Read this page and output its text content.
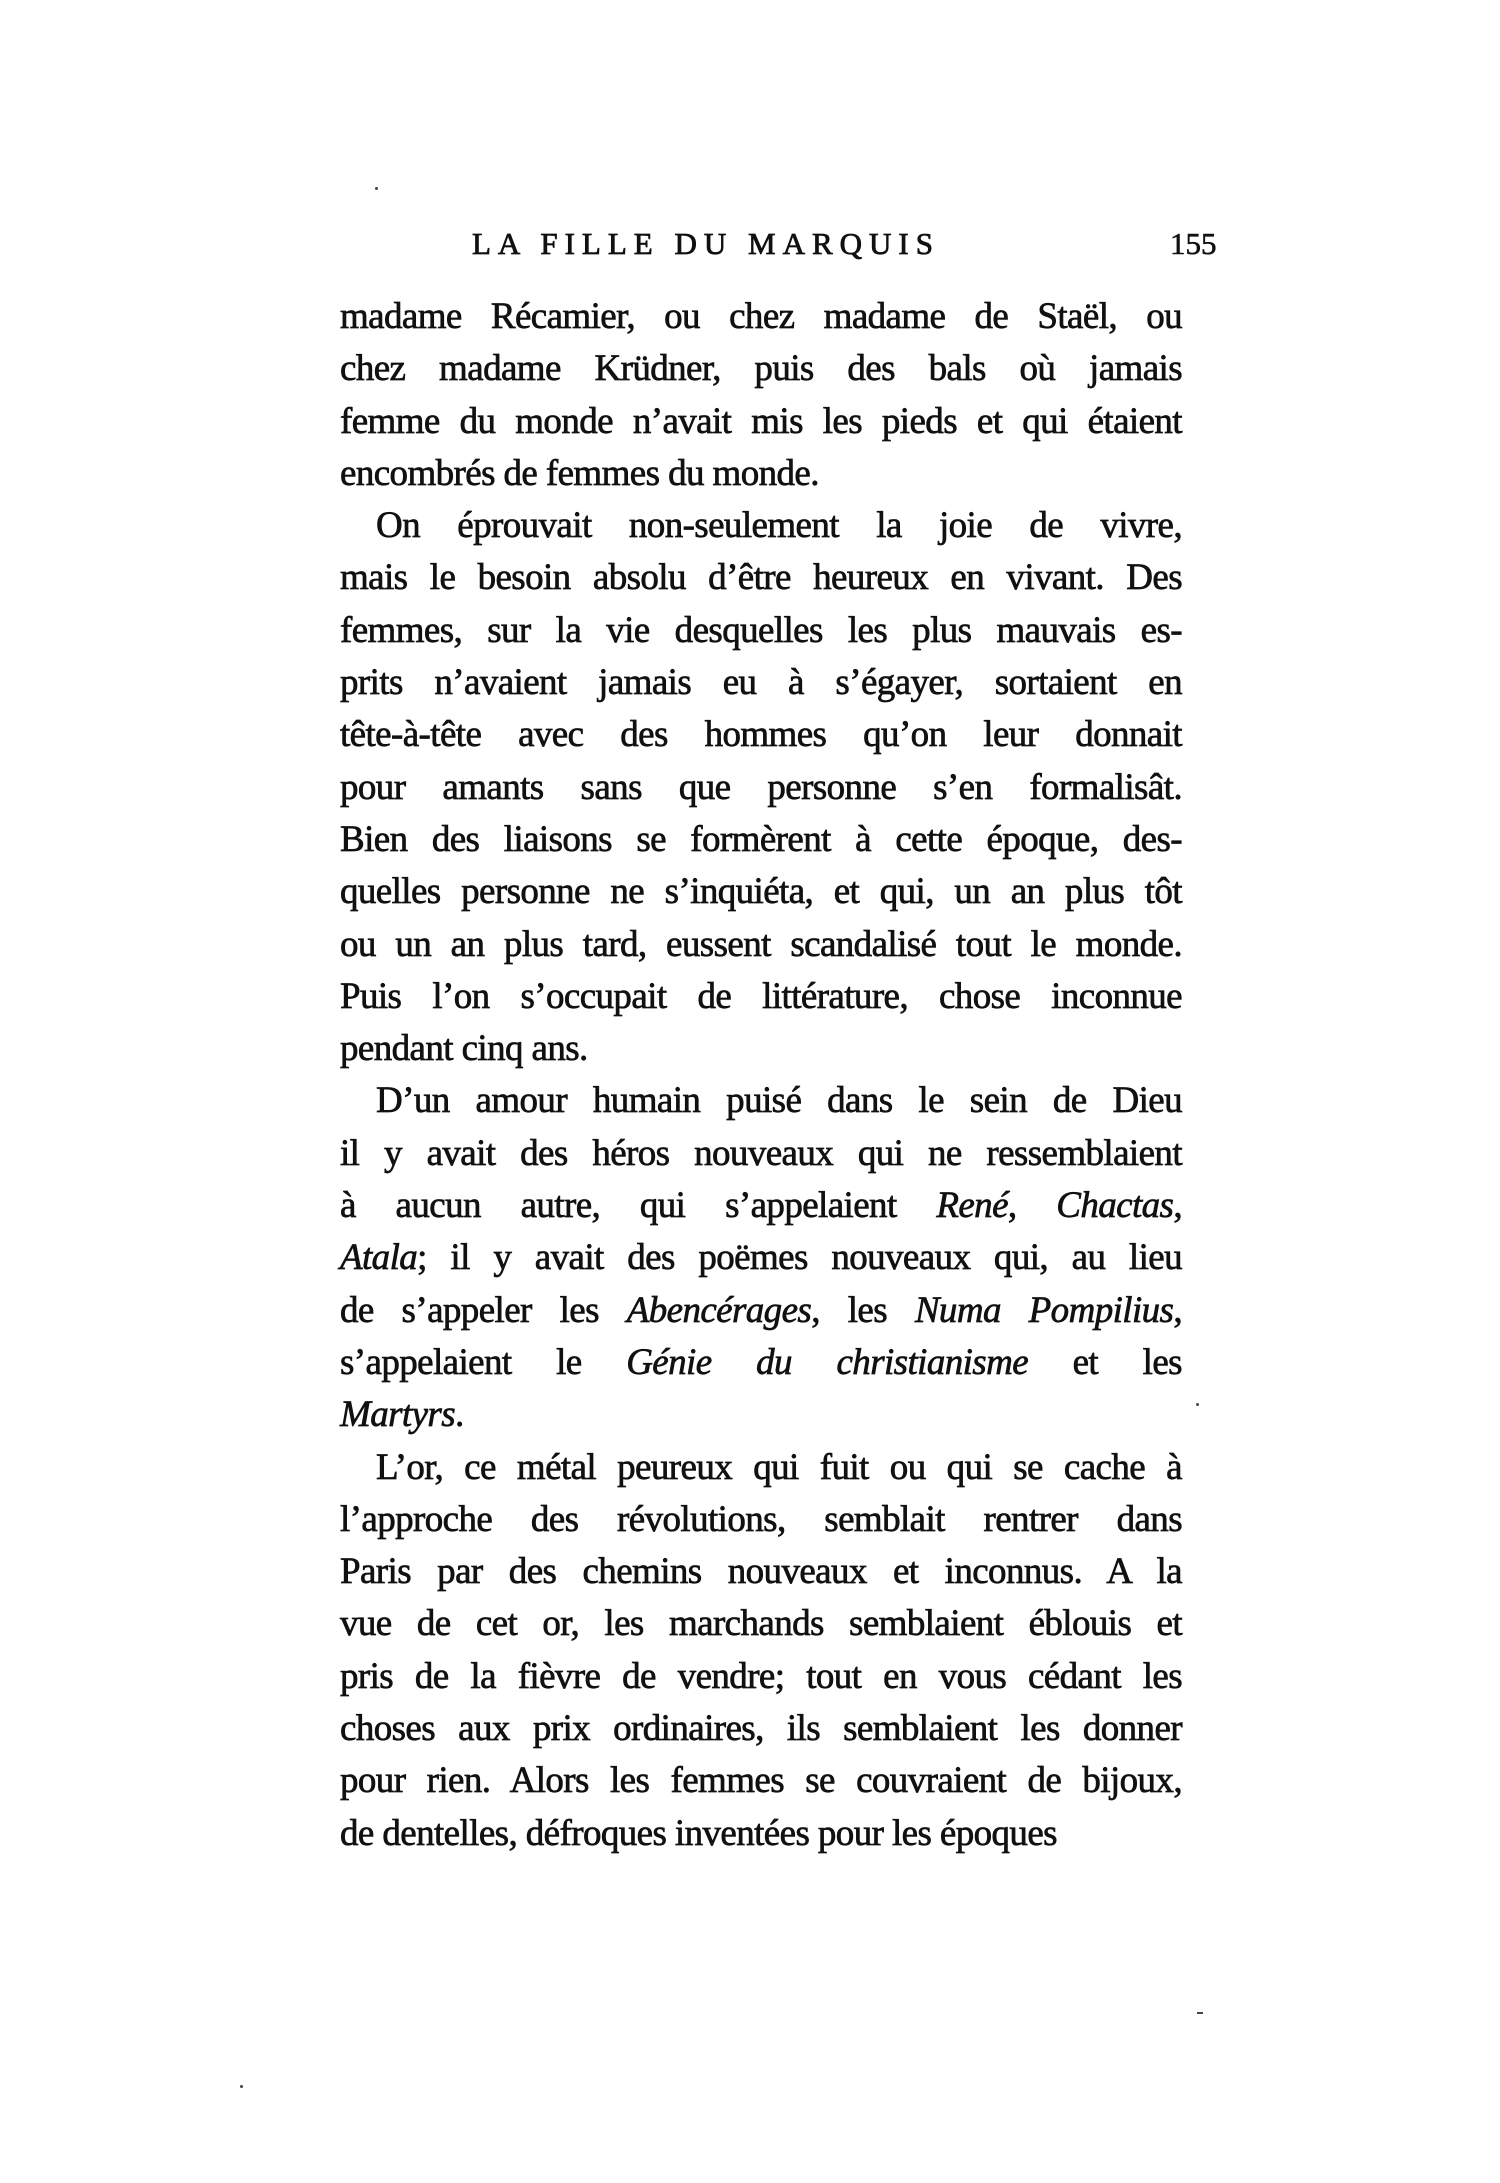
LA FILLE DU MARQUIS	155
madame Récamier, ou chez madame de Staël, ou
chez madame Krüdner, puis des bals où jamais
femme du monde n’avait mis les pieds et qui étaient
encombrés de femmes du monde.
On éprouvait non-seulement la joie de vivre,
mais le besoin absolu d’être heureux en vivant. Des
femmes, sur la vie desquelles les plus mauvais es-
prits n’avaient jamais eu à s’égayer, sortaient en
tête-à-tête avec des hommes qu’on leur donnait
pour amants sans que personne s’en formalisât.
Bien des liaisons se formèrent à cette époque, des-
quelles personne ne s’inquiéta, et qui, un an plus tôt
ou un an plus tard, eussent scandalisé tout le monde.
Puis l’on s’occupait de littérature, chose inconnue
pendant cinq ans.
D’un amour humain puisé dans le sein de Dieu
il y avait des héros nouveaux qui ne ressemblaient
à aucun autre, qui s’appelaient René, Chactas,
Atala; il y avait des poëmes nouveaux qui, au lieu
de s’appeler les Abencérages, les Numa Pompilius,
s’appelaient le Génie du christianisme et les
Martyrs.
L’or, ce métal peureux qui fuit ou qui se cache à
l’approche des révolutions, semblait rentrer dans
Paris par des chemins nouveaux et inconnus. A la
vue de cet or, les marchands semblaient éblouis et
pris de la fièvre de vendre; tout en vous cédant les
choses aux prix ordinaires, ils semblaient les donner
pour rien. Alors les femmes se couvraient de bijoux,
de dentelles, défroques inventées pour les époques
